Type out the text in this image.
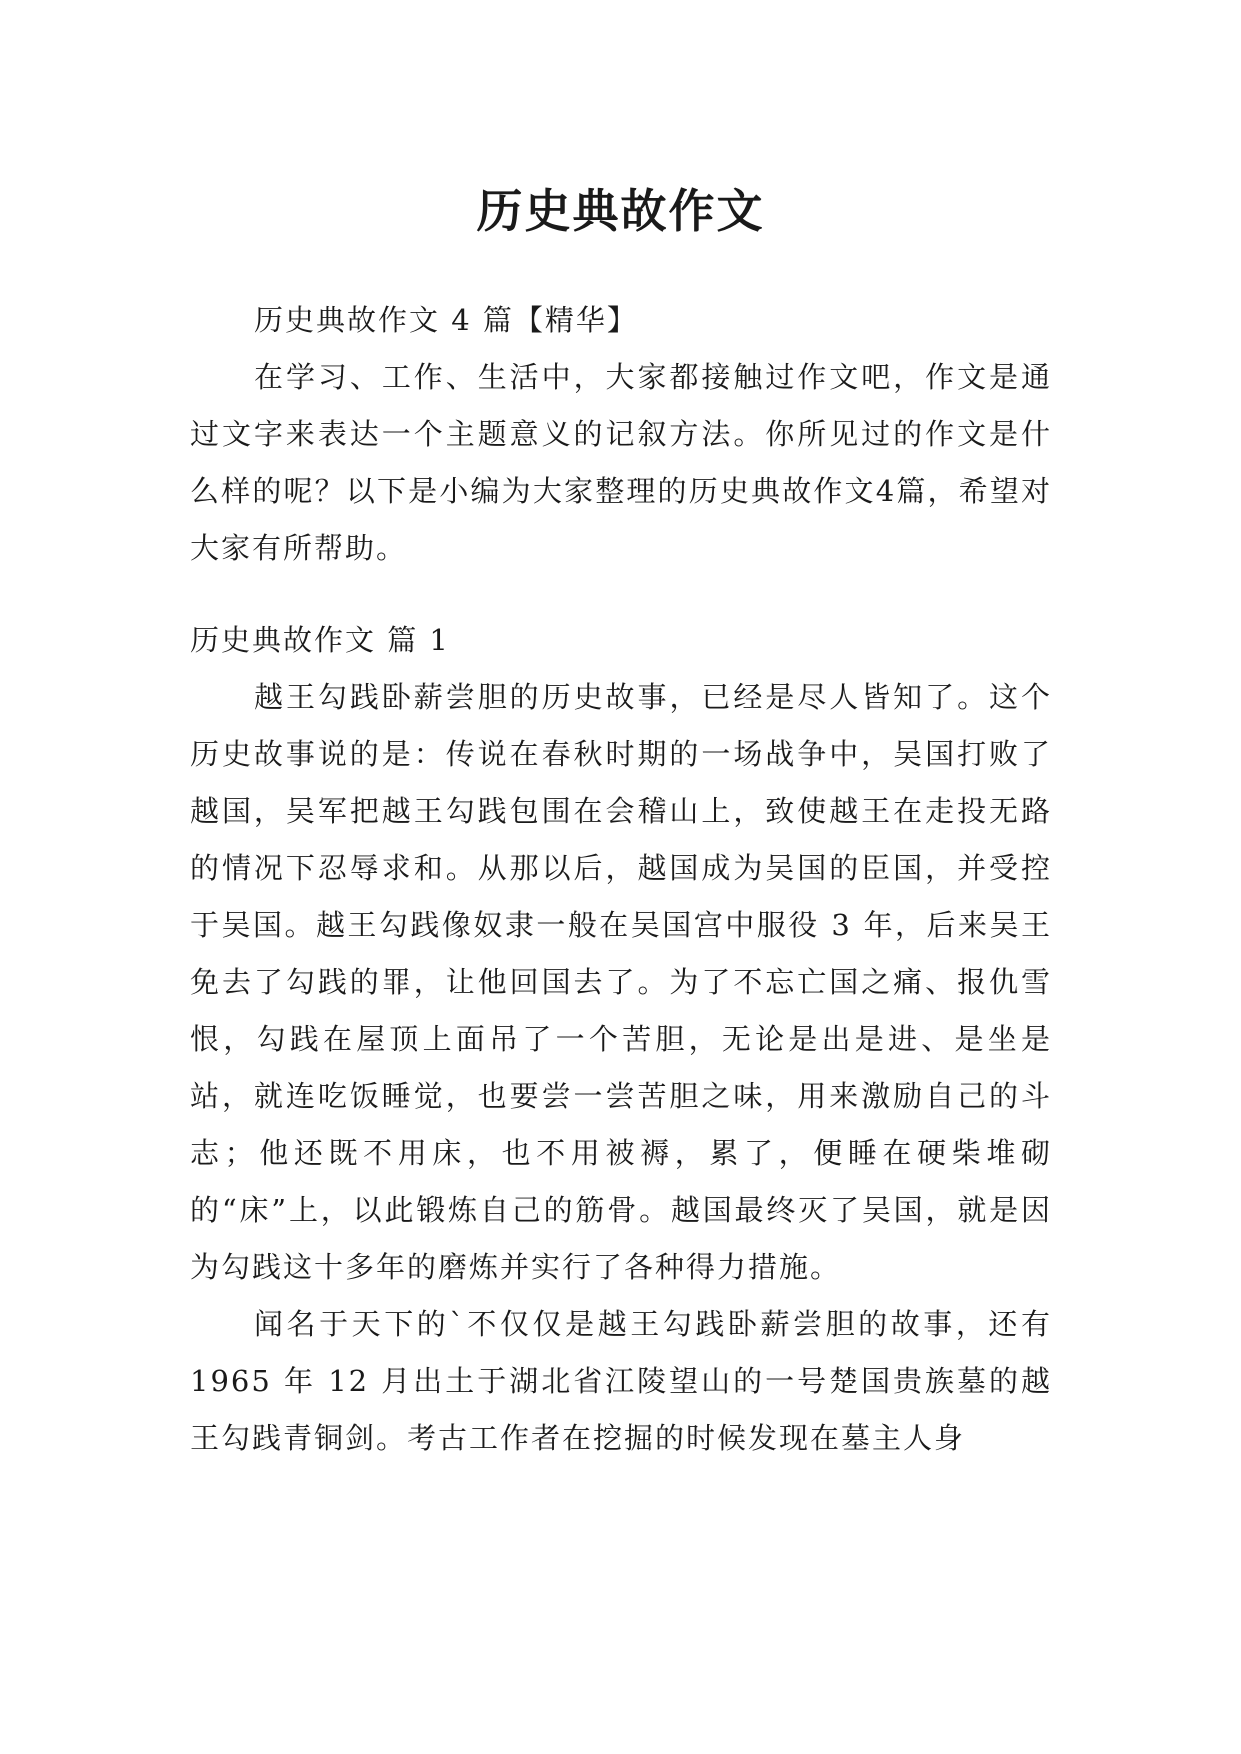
历史典故作文

历史典故作文 4 篇【精华】

在学习、工作、生活中，大家都接触过作文吧，作文是通过文字来表达一个主题意义的记叙方法。你所见过的作文是什么样的呢？以下是小编为大家整理的历史典故作文4篇，希望对大家有所帮助。

历史典故作文 篇 1

越王勾践卧薪尝胆的历史故事，已经是尽人皆知了。这个历史故事说的是：传说在春秋时期的一场战争中，吴国打败了越国，吴军把越王勾践包围在会稽山上，致使越王在走投无路的情况下忍辱求和。从那以后，越国成为吴国的臣国，并受控于吴国。越王勾践像奴隶一般在吴国宫中服役 3 年，后来吴王免去了勾践的罪，让他回国去了。为了不忘亡国之痛、报仇雪恨，勾践在屋顶上面吊了一个苦胆，无论是出是进、是坐是站，就连吃饭睡觉，也要尝一尝苦胆之味，用来激励自己的斗志；他还既不用床，也不用被褥，累了，便睡在硬柴堆砌的“床”上，以此锻炼自己的筋骨。越国最终灭了吴国，就是因为勾践这十多年的磨炼并实行了各种得力措施。

闻名于天下的`不仅仅是越王勾践卧薪尝胆的故事，还有 1965 年 12 月出土于湖北省江陵望山的一号楚国贵族墓的越王勾践青铜剑。考古工作者在挖掘的时候发现在墓主人身
